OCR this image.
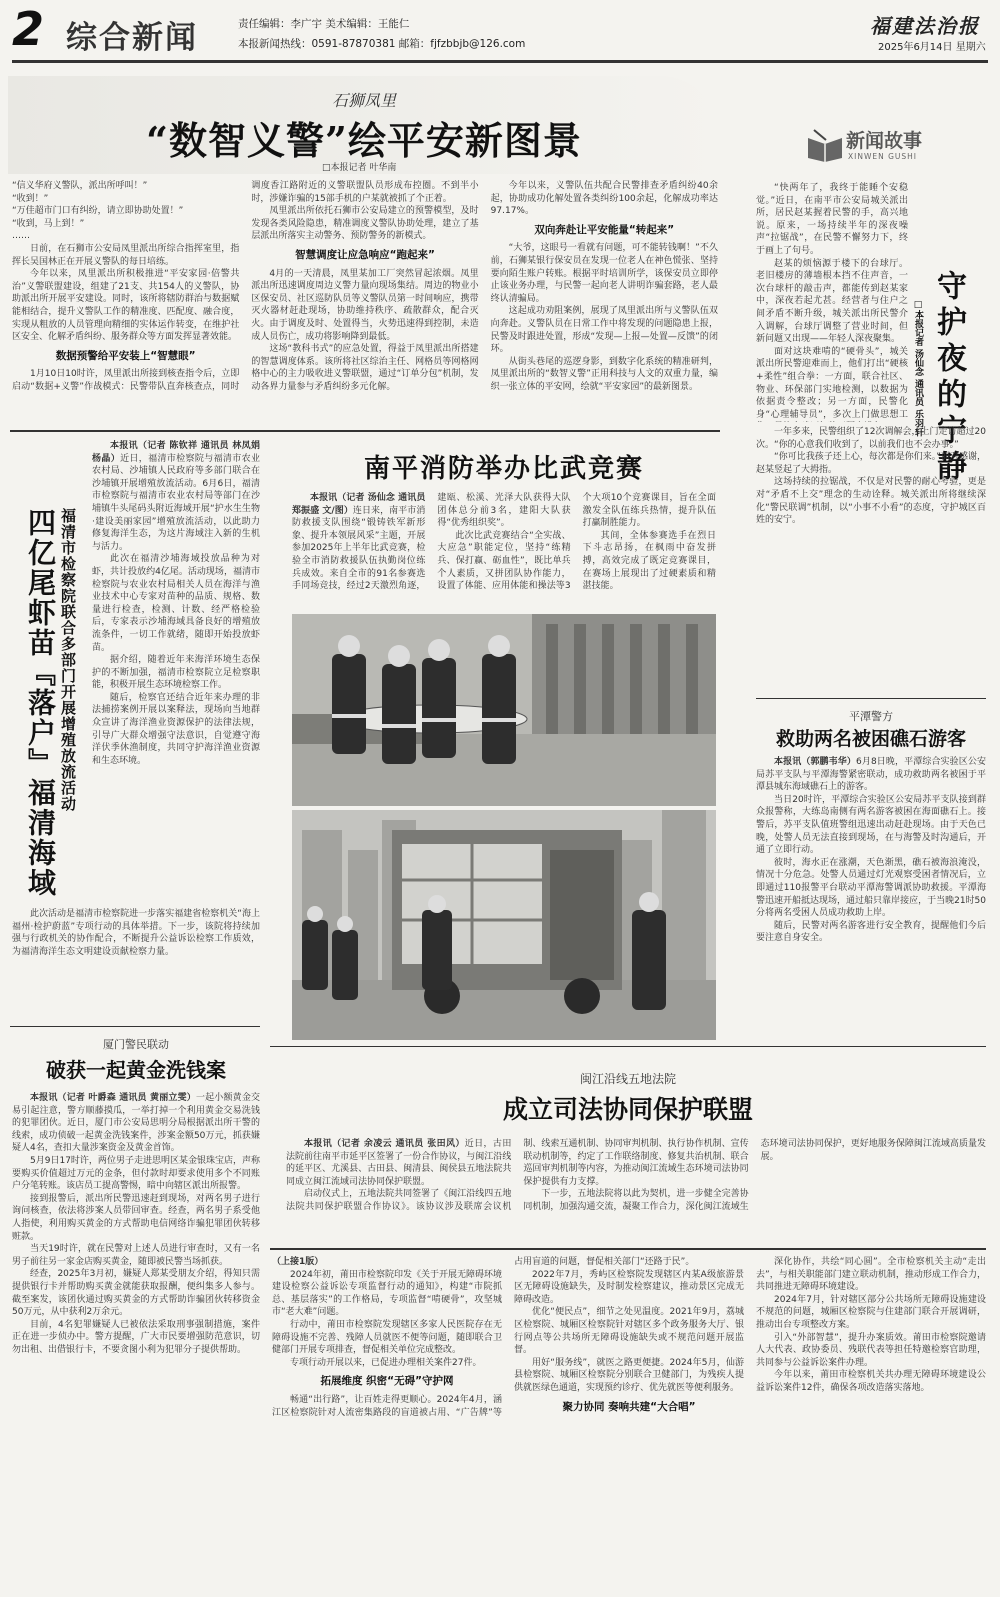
2 综合新闻	责任编辑：李广宇 美术编辑：王能仁
本报新闻热线：0591-87870381 邮箱：fjfzbbjb@126.com
福建法治报
2025年6月14日 星期六
石狮凤里
“数智义警”绘平安新图景
□本报记者 叶华南

“信义华府义警队，派出所呼叫！”

“收到！”

“万佳超市门口有纠纷，请立即协助处置！”

“收到，马上到！”

……

日前，在石狮市公安局凤里派出所综合指挥室里，指挥长吴国林正在开展义警队的每日培练。

今年以来，凤里派出所积极推进“平安家园·倍警共治”义警联盟建设，组建了21支、共154人的义警队，协助派出所开展平安建设。同时，该所将辖防群治与数据赋能相结合，提升义警队工作的精准度、匹配度、融合度，实现从粗放的人员管理向精细的实体运作转变，在维护社区安全、化解矛盾纠纷、服务群众等方面发挥显著效能。

数据预警给平安装上“智慧眼”

1月10日10时许，凤里派出所接到核查指令后，立即启动“数据+义警”作战模式：民警带队直奔核查点，同时调度香江路附近的义警联盟队员形成布控圈。不到半小时，涉嫌诈骗的15部手机的户某就被抓了个正着。

凤里派出所依托石狮市公安局建立的预警模型，及时发现各类风险隐患，精准调度义警队协助处理，建立了基层派出所落实主动警务、预防警务的新模式。

智慧调度让应急响应“跑起来”

4月的一天清晨，凤里某加工厂突然冒起浓烟。凤里派出所迅速调度周边义警力量向现场集结。周边的物业小区保安员、社区巡防队员等义警队员第一时间响应，携带灭火器材赶赴现场，协助维持秩序、疏散群众，配合灭火。由于调度及时、处置得当，火势迅速得到控制，未造成人员伤亡，成功将影响降到最低。

这场“教科书式”的应急处置，得益于凤里派出所搭建的智慧调度体系。该所将社区综治主任、网格员等网格网格中心的主力吸收进义警联盟，通过“订单分包”机制，发动各界力量参与矛盾纠纷多元化解。

今年以来，义警队伍共配合民警排查矛盾纠纷40余起，协助成功化解处置各类纠纷100余起，化解成功率达97.17%。

双向奔赴让平安能量“转起来”

“大爷，这眼号一看就有问题，可不能转钱啊！”不久前，石狮某银行保安员在发现一位老人在神色慌张、坚持要向陌生账户转账。根据平时培训所学，该保安员立即停止该业务办理，与民警一起向老人讲明诈骗套路，老人最终认清骗局。

这起成功劝阻案例，展现了凤里派出所与义警队伍双向奔赴。义警队员在日常工作中将发现的问题隐患上报，民警及时跟进处置，形成“发现—上报—处置—反馈”的闭环。

从街头巷尾的巡逻身影，到数字化系统的精准研判，凤里派出所的“数智义警”正用科技与人文的双重力量，编织一张立体的平安网，绘就“平安家园”的最新图景。

新闻故事
XINWEN GUSHI

“快两年了，我终于能睡个安稳觉。”近日，在南平市公安局城关派出所，居民赵某握着民警的手，高兴地说。原来，一场持续半年的深夜噪声“拉锯战”，在民警不懈努力下，终于画上了句号。

赵某的烦恼源于楼下的台球厅。老旧楼房的薄墙根本挡不住声音，一次台球杆的敲击声，都能传到赵某家中，深夜若起尤甚。经营者与住户之间矛盾不断升级，城关派出所民警介入调解，台球厅调整了营业时间，但新问题又出现——年轻人深夜聚集。

面对这块难啃的“硬骨头”，城关派出所民警迎难而上，他们打出“硬核+柔性”组合拳：一方面，联合社区、物业、环保部门实地检测，以数据为依据责令整改；另一方面，民警化身“心理辅导员”，多次上门做思想工 守护夜的宁静
□本报记者 汤仙念 通讯员 乐羽轩

一年多来，民警组织了12次调解会，上门走访超过20次。“你的心意我们收到了，以前我们也不会办事。”

“你可比我孩子还上心，每次都是你们来。”面对感谢，赵某竖起了大拇指。

这场持续的拉锯战，不仅是对民警的耐心考验，更是对“矛盾不上交”理念的生动诠释。城关派出所将继续深化“警民联调”机制，以“小事不小看”的态度，守护城区百姓的安宁。

平潭警方
救助两名被困礁石游客

本报讯（郭鹏韦华）6月8日晚，平潭综合实验区公安局苏平支队与平潭海警紧密联动，成功救助两名被困于平潭县城东海域礁石上的游客。

当日20时许，平潭综合实验区公安局苏平支队接到群众报警称，大练岛南侧有两名游客被困在海面礁石上。接警后，苏平支队值班警组迅速出动赶赴现场。由于天色已晚，处警人员无法直接到现场，在与海警及时沟通后，开通了立即行动。

彼时，海水正在涨潮，天色渐黑，礁石被海浪淹没，情况十分危急。处警人员通过灯光观察受困者情况后，立即通过110报警平台联动平潭海警调派协助救援。平潭海警迅速开船抵达现场，通过船只靠岸接应，于当晚21时50分将两名受困人员成功救助上岸。

随后，民警对两名游客进行安全教育，提醒他们今后要注意自身安全。

本报讯（记者 陈钦祥 通讯员 林凤娟 杨晶）近日，福清市检察院与福清市农业农村局、沙埔镇人民政府等多部门联合在沙埔镇开展增殖放流活动。6月6日，福清市检察院与福清市农业农村局等部门在沙埔镇牛头尾码头附近海域开展“护水生生物·建设美丽家园”增殖放流活动，以此助力修复海洋生态，为这片海域注入新的生机与活力。

此次在福清沙埔海域投放品种为对虾，共计投放约4亿尾。活动现场，福清市检察院与农业农村局相关人员在海洋与渔业技术中心专家对苗种的品质、规格、数量进行检查，检测、计数、经严格检验后，专家表示沙埔海域具备良好的增殖放流条件，一切工作就绪，随即开始投放虾苗。

据介绍，随着近年来海洋环境生态保护的不断加强，福清市检察院立足检察职能，积极开展生态环境检察工作。

随后，检察官还结合近年来办理的非法捕捞案例开展以案释法，现场向当地群众宣讲了海洋渔业资源保护的法律法规，引导广大群众增强守法意识，自觉遵守海洋伏季休渔制度，共同守护海洋渔业资源和生态环境。

福清市检察院联合多部门开展增殖放流活动
四亿尾虾苗『落户』福清海域

此次活动是福清市检察院进一步落实福建省检察机关“海上福州·检护蔚蓝”专项行动的具体举措。下一步，该院将持续加强与行政机关的协作配合，不断提升公益诉讼检察工作质效，为福清海洋生态文明建设贡献检察力量。

南平消防举办比武竞赛

本报讯（记者 汤仙念 通讯员 郑振盛 文/图）连日来，南平市消防救援支队围绕“锻铸铁军新形象、提升本领展风采”主题，开展参加2025年上半年比武竞赛，检验全市消防救援队伍执勤岗位练兵成效。来自全市的91名参赛选手同场竞技，经过2天激烈角逐，建瓯、松溪、光泽大队获得大队团体总分前3名，建阳大队获得“优秀组织奖”。

此次比武竞赛结合“全实战、大应急”职能定位，坚持“练精兵、保打赢、砺血性”，既比单兵个人素质，又拼团队协作能力，设置了体能、应用体能和操法等3个大项10个竞赛课目，旨在全面激发全队伍练兵热情，提升队伍打赢制胜能力。

其间，全体参赛选手在烈日下斗志昂扬，在枫雨中奋发拼搏，高效完成了既定竞赛课目，在赛场上展现出了过硬素质和精湛技能。

厦门警民联动
破获一起黄金洗钱案

本报讯（记者 叶爵森 通讯员 黄丽立雯）一起小额黄金交易引起注意，警方顺藤摸瓜，一举打掉一个利用黄金交易洗钱的犯罪团伙。近日，厦门市公安局思明分局根据派出所干警的线索，成功侦破一起黄金洗钱案件，涉案金额50万元，抓获嫌疑人4名，查扣大量涉案资金及黄金首饰。

5月9日17时许，两位男子走进思明区某金银珠宝店，声称要购买价值超过万元的金条，但付款时却要求使用多个不同账户分笔转账。该店员工提高警惕，暗中向辖区派出所报警。

接到报警后，派出所民警迅速赶到现场，对两名男子进行询问核查，依法将涉案人员带回审查。经查，两名男子系受他人指使，利用购买黄金的方式帮助电信网络诈骗犯罪团伙转移赃款。

当天19时许，就在民警对上述人员进行审查时，又有一名男子前往另一家金店购买黄金，随即被民警当场抓获。

经查，2025年3月初，嫌疑人郑某受朋友介绍，得知只需提供银行卡并帮助购买黄金就能获取报酬，便纠集多人参与。截至案发，该团伙通过购买黄金的方式帮助诈骗团伙转移资金50万元，从中获利2万余元。

目前，4名犯罪嫌疑人已被依法采取刑事强制措施，案件正在进一步侦办中。警方提醒，广大市民要增强防范意识，切勿出租、出借银行卡，不要贪图小利为犯罪分子提供帮助。

闽江沿线五地法院
成立司法协同保护联盟

本报讯（记者 余凌云 通讯员 张田风）近日，古田法院前往南平市延平区签署了一份合作协议，与闽江沿线的延平区、尤溪县、古田县、闽清县、闽侯县五地法院共同成立闽江流域司法协同保护联盟。

启动仪式上，五地法院共同签署了《闽江沿线四五地法院共同保护联盟合作协议》。该协议涉及联席会议机制、线索互通机制、协同审判机制、执行协作机制、宣传联动机制等，约定了工作联络制度、修复共治机制、联合巡回审判机制等内容，为推动闽江流域生态环境司法协同保护提供有力支撑。

下一步，五地法院将以此为契机，进一步健全完善协同机制，加强沟通交流，凝聚工作合力，深化闽江流域生态环境司法协同保护，更好地服务保障闽江流域高质量发展。

（上接1版）

2024年初，莆田市检察院印发《关于开展无障碍环境建设检察公益诉讼专项监督行动的通知》，构建“市院抓总、基层落实”的工作格局，专项监督“啃硬骨”，攻坚城市“老大难”问题。

行动中，莆田市检察院发现辖区多家人民医院存在无障碍设施不完善、残障人员就医不便等问题，随即联合卫健部门开展专项排查，督促相关单位完成整改。

专项行动开展以来，已促进办理相关案件27件。

拓展维度 织密“无碍”守护网

畅通“出行路”，让百姓走得更顺心。2024年4月，涵江区检察院针对人流密集路段的盲道被占用、“广告牌”等占用盲道的问题，督促相关部门“还路于民”。

2022年7月，秀屿区检察院发现辖区内某A级旅游景区无障碍设施缺失，及时制发检察建议，推动景区完成无障碍改造。

优化“便民点”，细节之处见温度。2021年9月，荔城区检察院、城厢区检察院针对辖区多个政务服务大厅、银行网点等公共场所无障碍设施缺失或不规范问题开展监督。

用好“服务线”，就医之路更便捷。2024年5月，仙游县检察院、城厢区检察院分别联合卫健部门，为残疾人提供就医绿色通道，实现预约诊疗、优先就医等便利服务。

聚力协同 奏响共建“大合唱”

深化协作，共绘“同心圆”。全市检察机关主动“走出去”，与相关职能部门建立联动机制，推动形成工作合力，共同推进无障碍环境建设。

2024年7月，针对辖区部分公共场所无障碍设施建设不规范的问题，城厢区检察院与住建部门联合开展调研，推动出台专项整改方案。

引入“外部智慧”，提升办案质效。莆田市检察院邀请人大代表、政协委员、残联代表等担任特邀检察官助理，共同参与公益诉讼案件办理。

今年以来，莆田市检察机关共办理无障碍环境建设公益诉讼案件12件，确保各项改造落实落地。
